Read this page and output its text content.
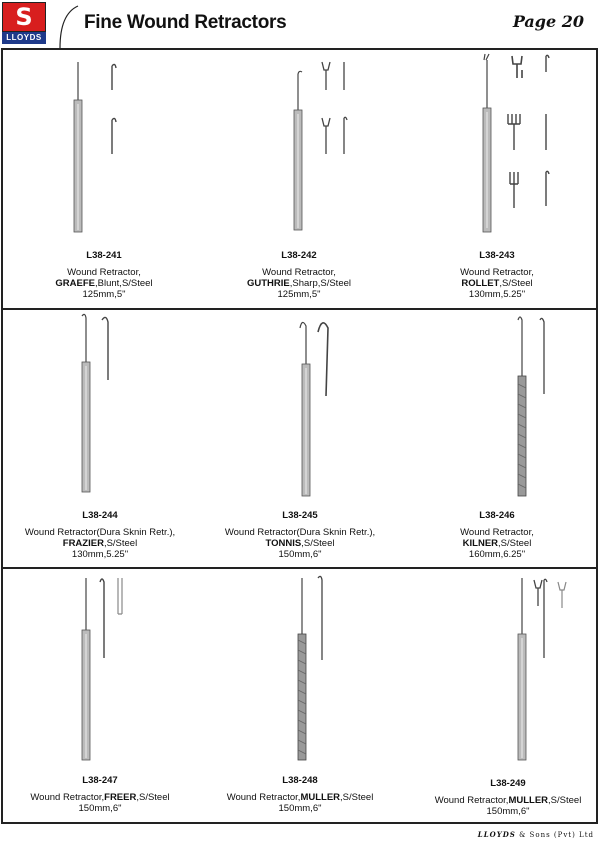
S
LLOYDS
Fine Wound Retractors	Page 20
L38-241
Wound Retractor,
GRAEFE,Blunt,S/Steel
125mm,5"
L38-242
Wound Retractor,
GUTHRIE,Sharp,S/Steel
125mm,5"
L38-243
Wound Retractor,
ROLLET,S/Steel
130mm,5.25"
L38-244
Wound Retractor(Dura Sknin Retr.),
FRAZIER,S/Steel
130mm,5.25"
L38-245
Wound Retractor(Dura Sknin Retr.),
TONNIS,S/Steel
150mm,6"
L38-246
Wound Retractor,
KILNER,S/Steel
160mm,6.25"
L38-247
Wound Retractor,FREER,S/Steel
150mm,6"
L38-248
Wound Retractor,MULLER,S/Steel
150mm,6"
L38-249
Wound Retractor,MULLER,S/Steel
150mm,6"
LLOYDS & Sons (Pvt) Ltd
